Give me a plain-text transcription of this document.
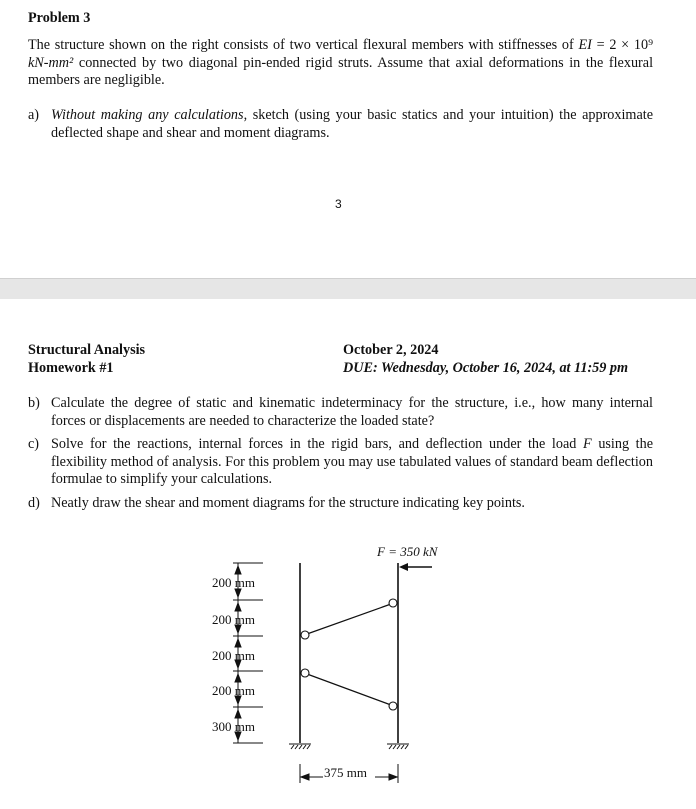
Problem 3
The structure shown on the right consists of two vertical flexural members with stiffnesses of EI = 2 × 10⁹ kN-mm² connected by two diagonal pin-ended rigid struts. Assume that axial deformations in the flexural members are negligible.
a) Without making any calculations, sketch (using your basic statics and your intuition) the approximate deflected shape and shear and moment diagrams.
3
Structural Analysis
Homework #1
October 2, 2024
DUE: Wednesday, October 16, 2024, at 11:59 pm
b) Calculate the degree of static and kinematic indeterminacy for the structure, i.e., how many internal forces or displacements are needed to characterize the loaded state?
c) Solve for the reactions, internal forces in the rigid bars, and deflection under the load F using the flexibility method of analysis. For this problem you may use tabulated values of standard beam deflection formulae to simplify your calculations.
d) Neatly draw the shear and moment diagrams for the structure indicating key points.
200 mm
200 mm
200 mm
200 mm
300 mm
F = 350 kN
375 mm
